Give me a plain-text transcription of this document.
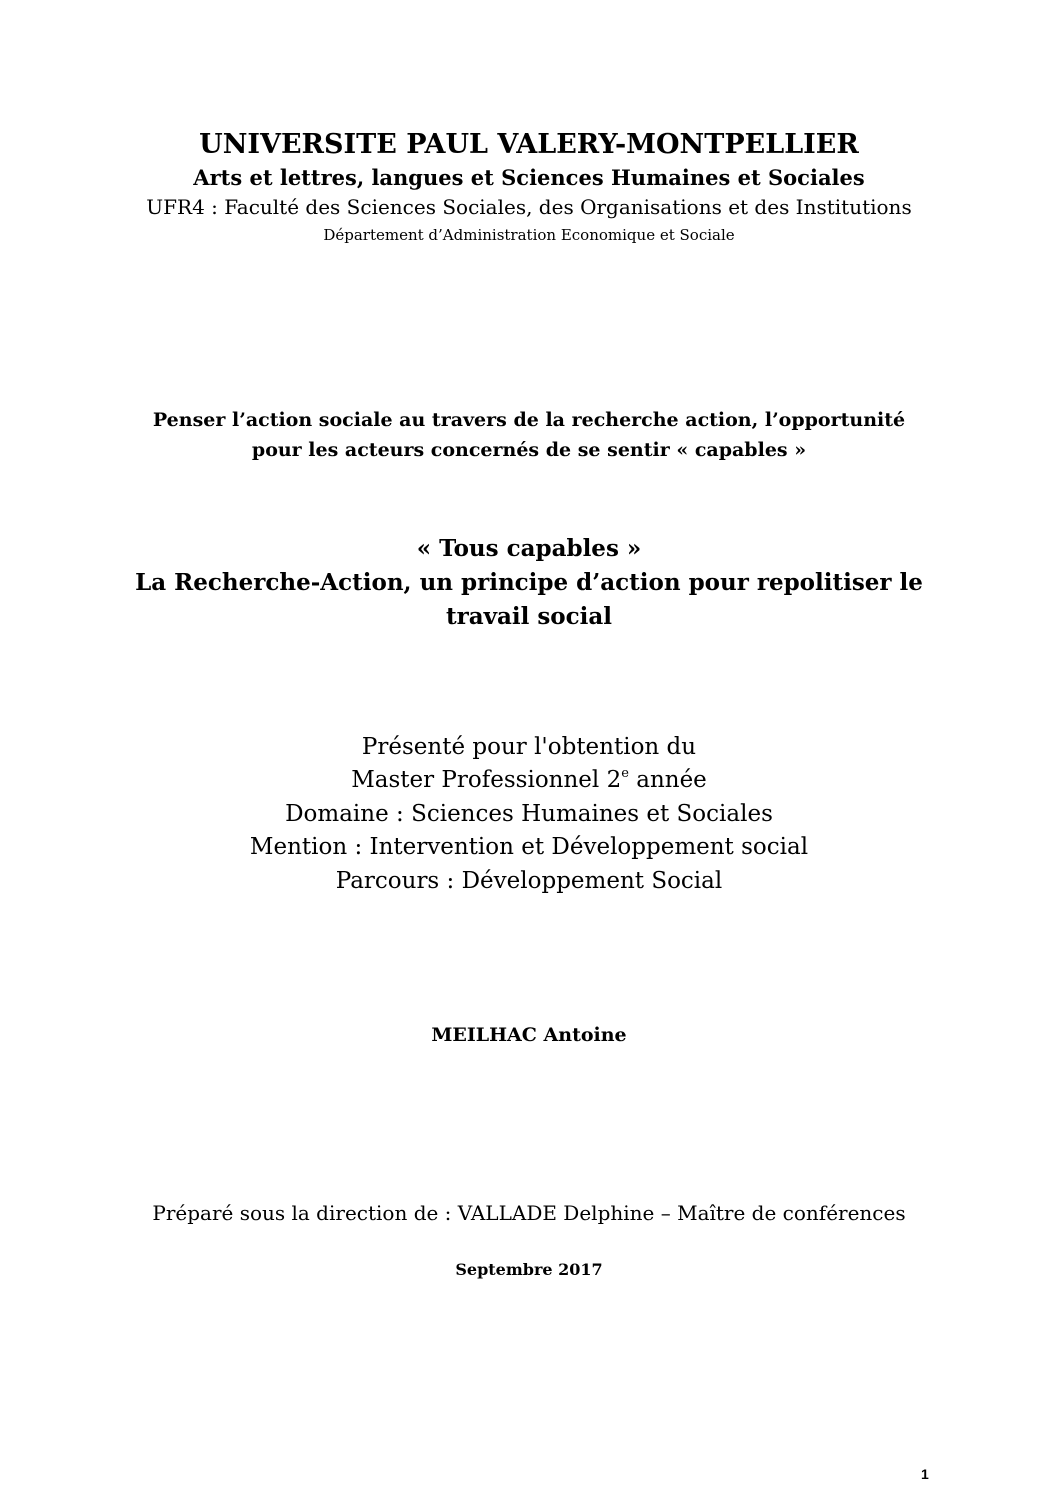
UNIVERSITE PAUL VALERY-MONTPELLIER
Arts et lettres, langues et Sciences Humaines et Sociales
UFR4 : Faculté des Sciences Sociales, des Organisations et des Institutions
Département d’Administration Economique et Sociale
Penser l’action sociale au travers de la recherche action, l’opportunité
pour les acteurs concernés de se sentir « capables »
« Tous capables »
La Recherche-Action, un principe d’action pour repolitiser le
travail social
Présenté pour l'obtention du
Master Professionnel 2e année
Domaine : Sciences Humaines et Sociales
Mention : Intervention et Développement social
Parcours : Développement Social
MEILHAC Antoine
Préparé sous la direction de : VALLADE Delphine – Maître de conférences
Septembre 2017
1
